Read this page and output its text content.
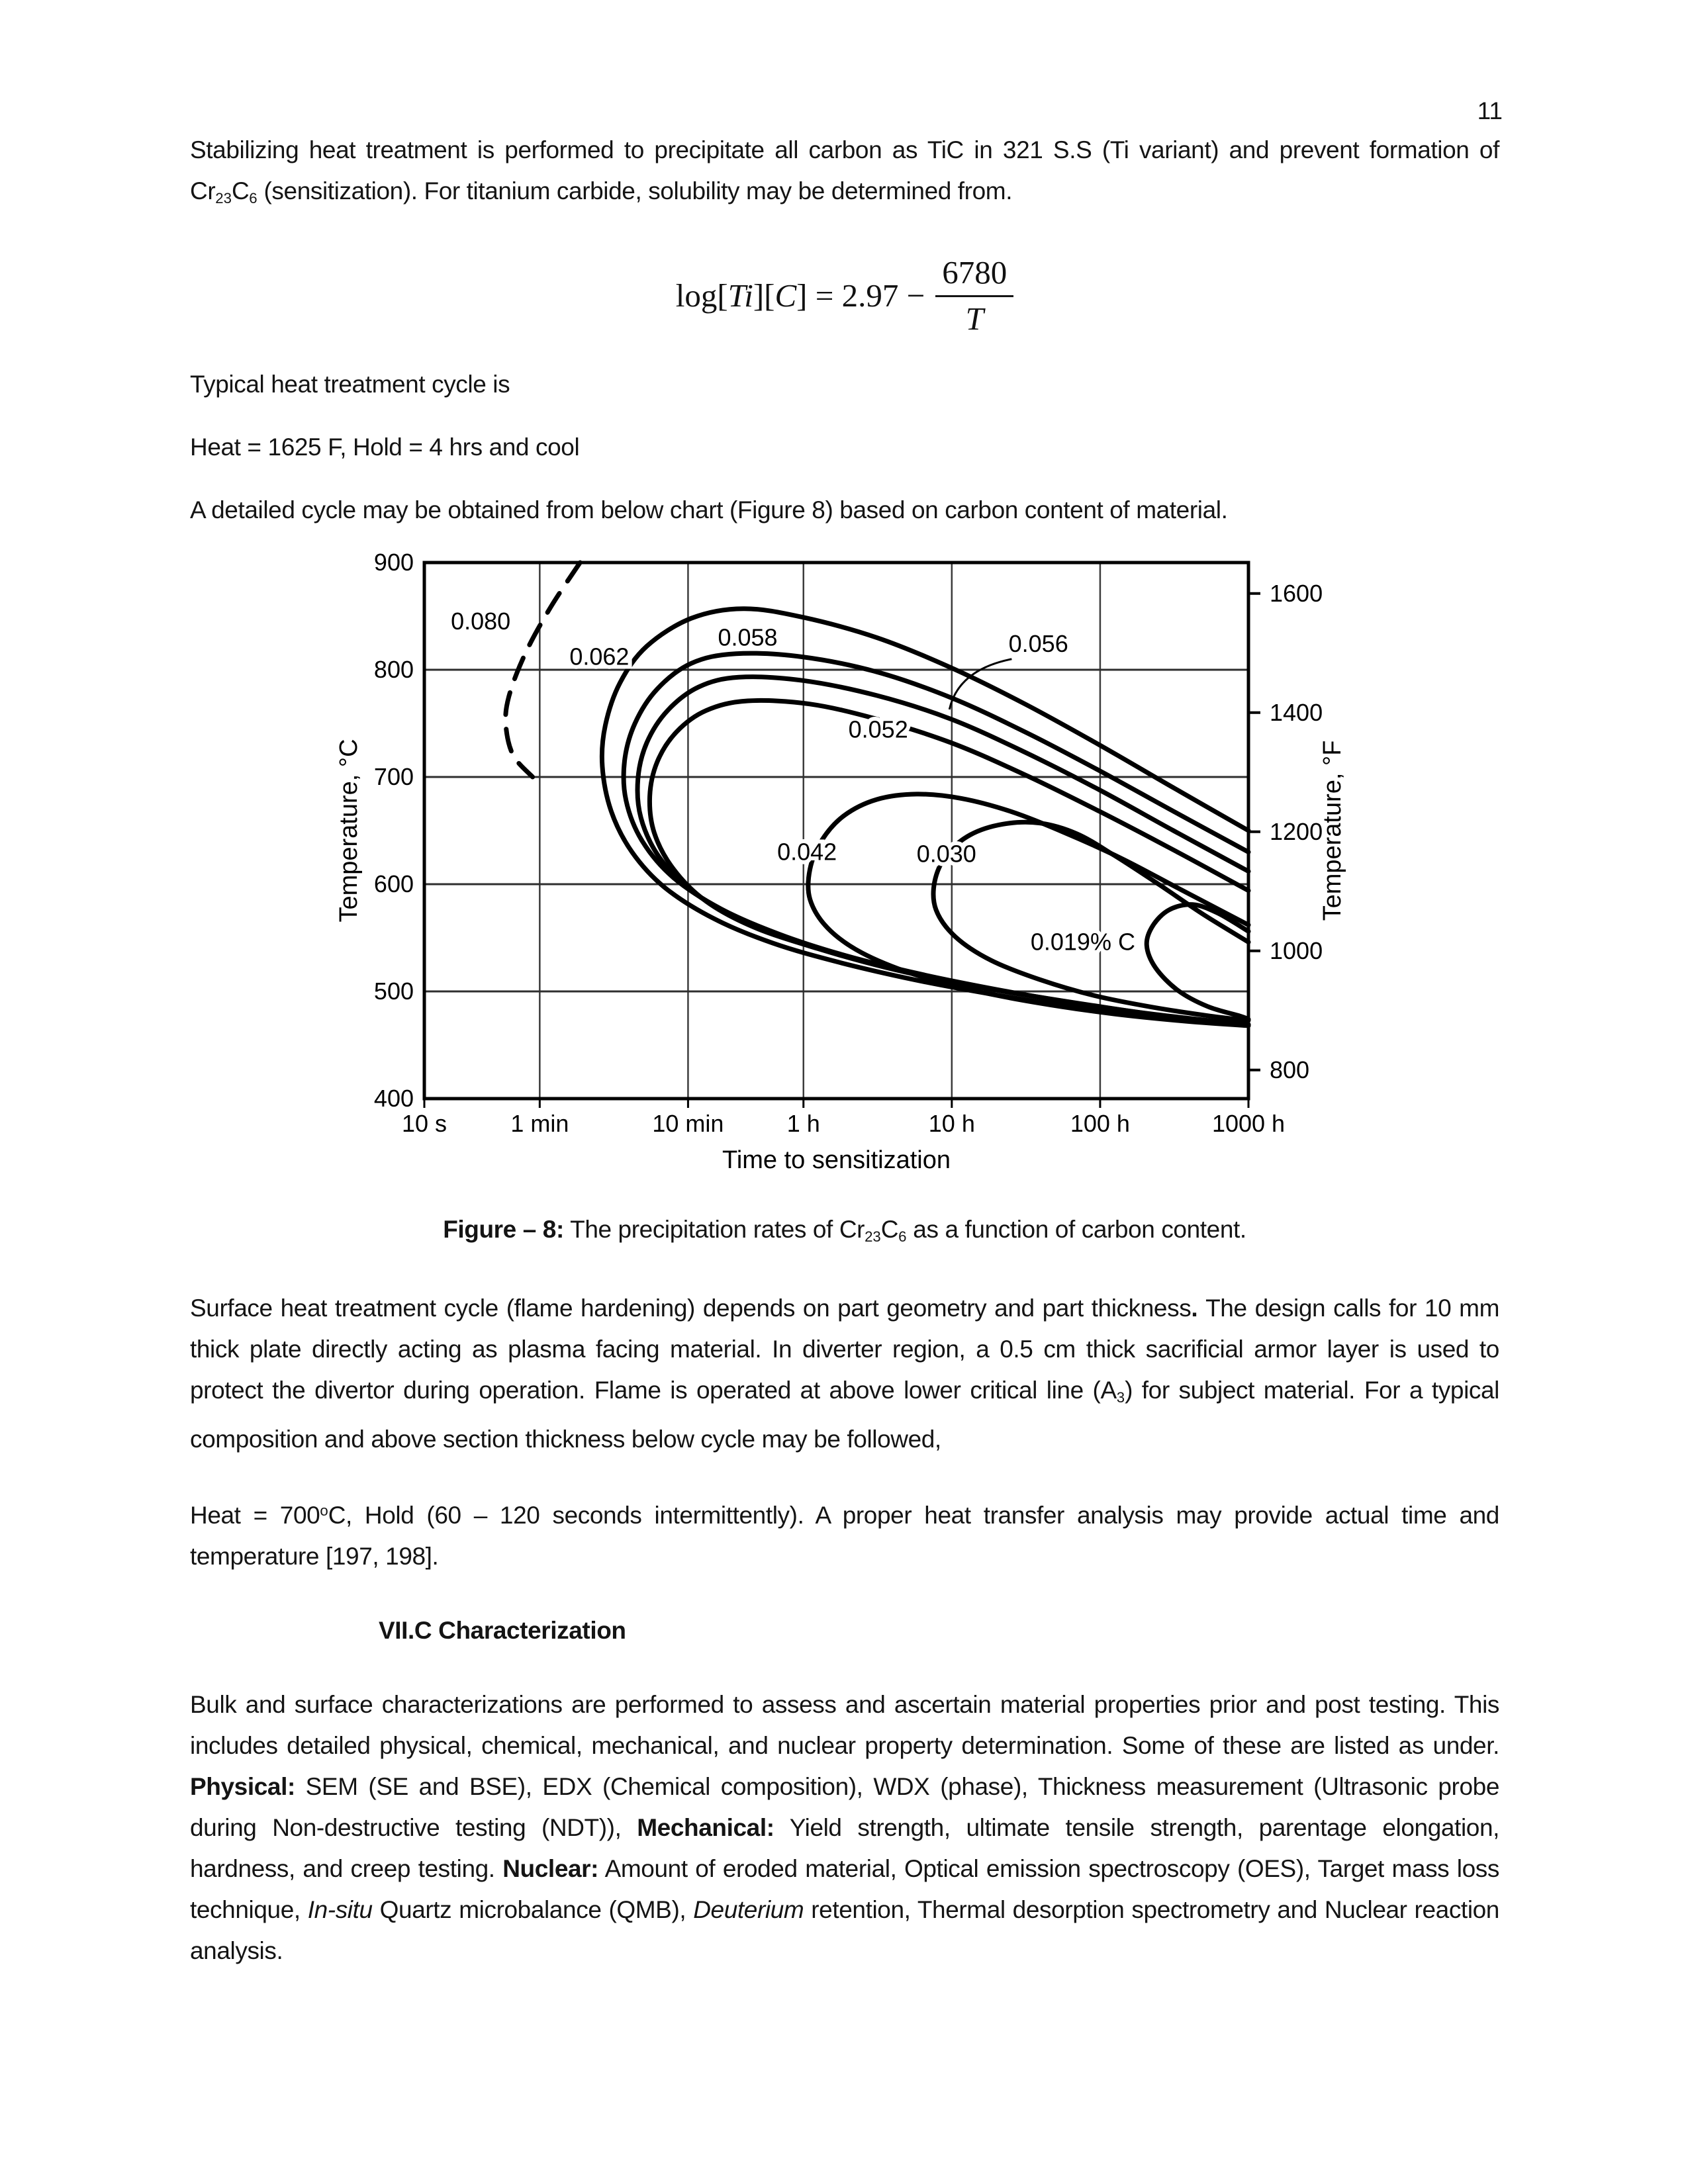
11

Stabilizing heat treatment is performed to precipitate all carbon as TiC in 321 S.S (Ti variant) and prevent formation of Cr23C6 (sensitization). For titanium carbide, solubility may be determined from.

$\log[Ti][C] = 2.97 - \frac{6780}{T}$

Typical heat treatment cycle is

Heat = 1625 F, Hold = 4 hrs and cool

A detailed cycle may be obtained from below chart (Figure 8) based on carbon content of material.

10 s	1 min	10 min	1 h	10 h	100 h	1000 h
Time to sensitization
900
800
700
600
500
400
Temperature, °C
1600
1400
1200
1000
800
Temperature, °F
0.080
0.062
0.058	0.056
0.052
0.042	0.030
0.019% C
Figure – 8: The precipitation rates of Cr23C6 as a function of carbon content.

Surface heat treatment cycle (flame hardening) depends on part geometry and part thickness. The design calls for 10 mm thick plate directly acting as plasma facing material. In diverter region, a 0.5 cm thick sacrificial armor layer is used to protect the divertor during operation. Flame is operated at above lower critical line (A3) for subject material. For a typical composition and above section thickness below cycle may be followed,

Heat = $700^oC$, Hold (60 – 120 seconds intermittently). A proper heat transfer analysis may provide actual time and temperature [197, 198].

VII.C Characterization

Bulk and surface characterizations are performed to assess and ascertain material properties prior and post testing. This includes detailed physical, chemical, mechanical, and nuclear property determination. Some of these are listed as under. Physical: SEM (SE and BSE), EDX (Chemical composition), WDX (phase), Thickness measurement (Ultrasonic probe during Non-destructive testing (NDT)), Mechanical: Yield strength, ultimate tensile strength, parentage elongation, hardness, and creep testing. Nuclear: Amount of eroded material, Optical emission spectroscopy (OES), Target mass loss technique, In-situ Quartz microbalance (QMB), Deuterium retention, Thermal desorption spectrometry and Nuclear reaction analysis.
